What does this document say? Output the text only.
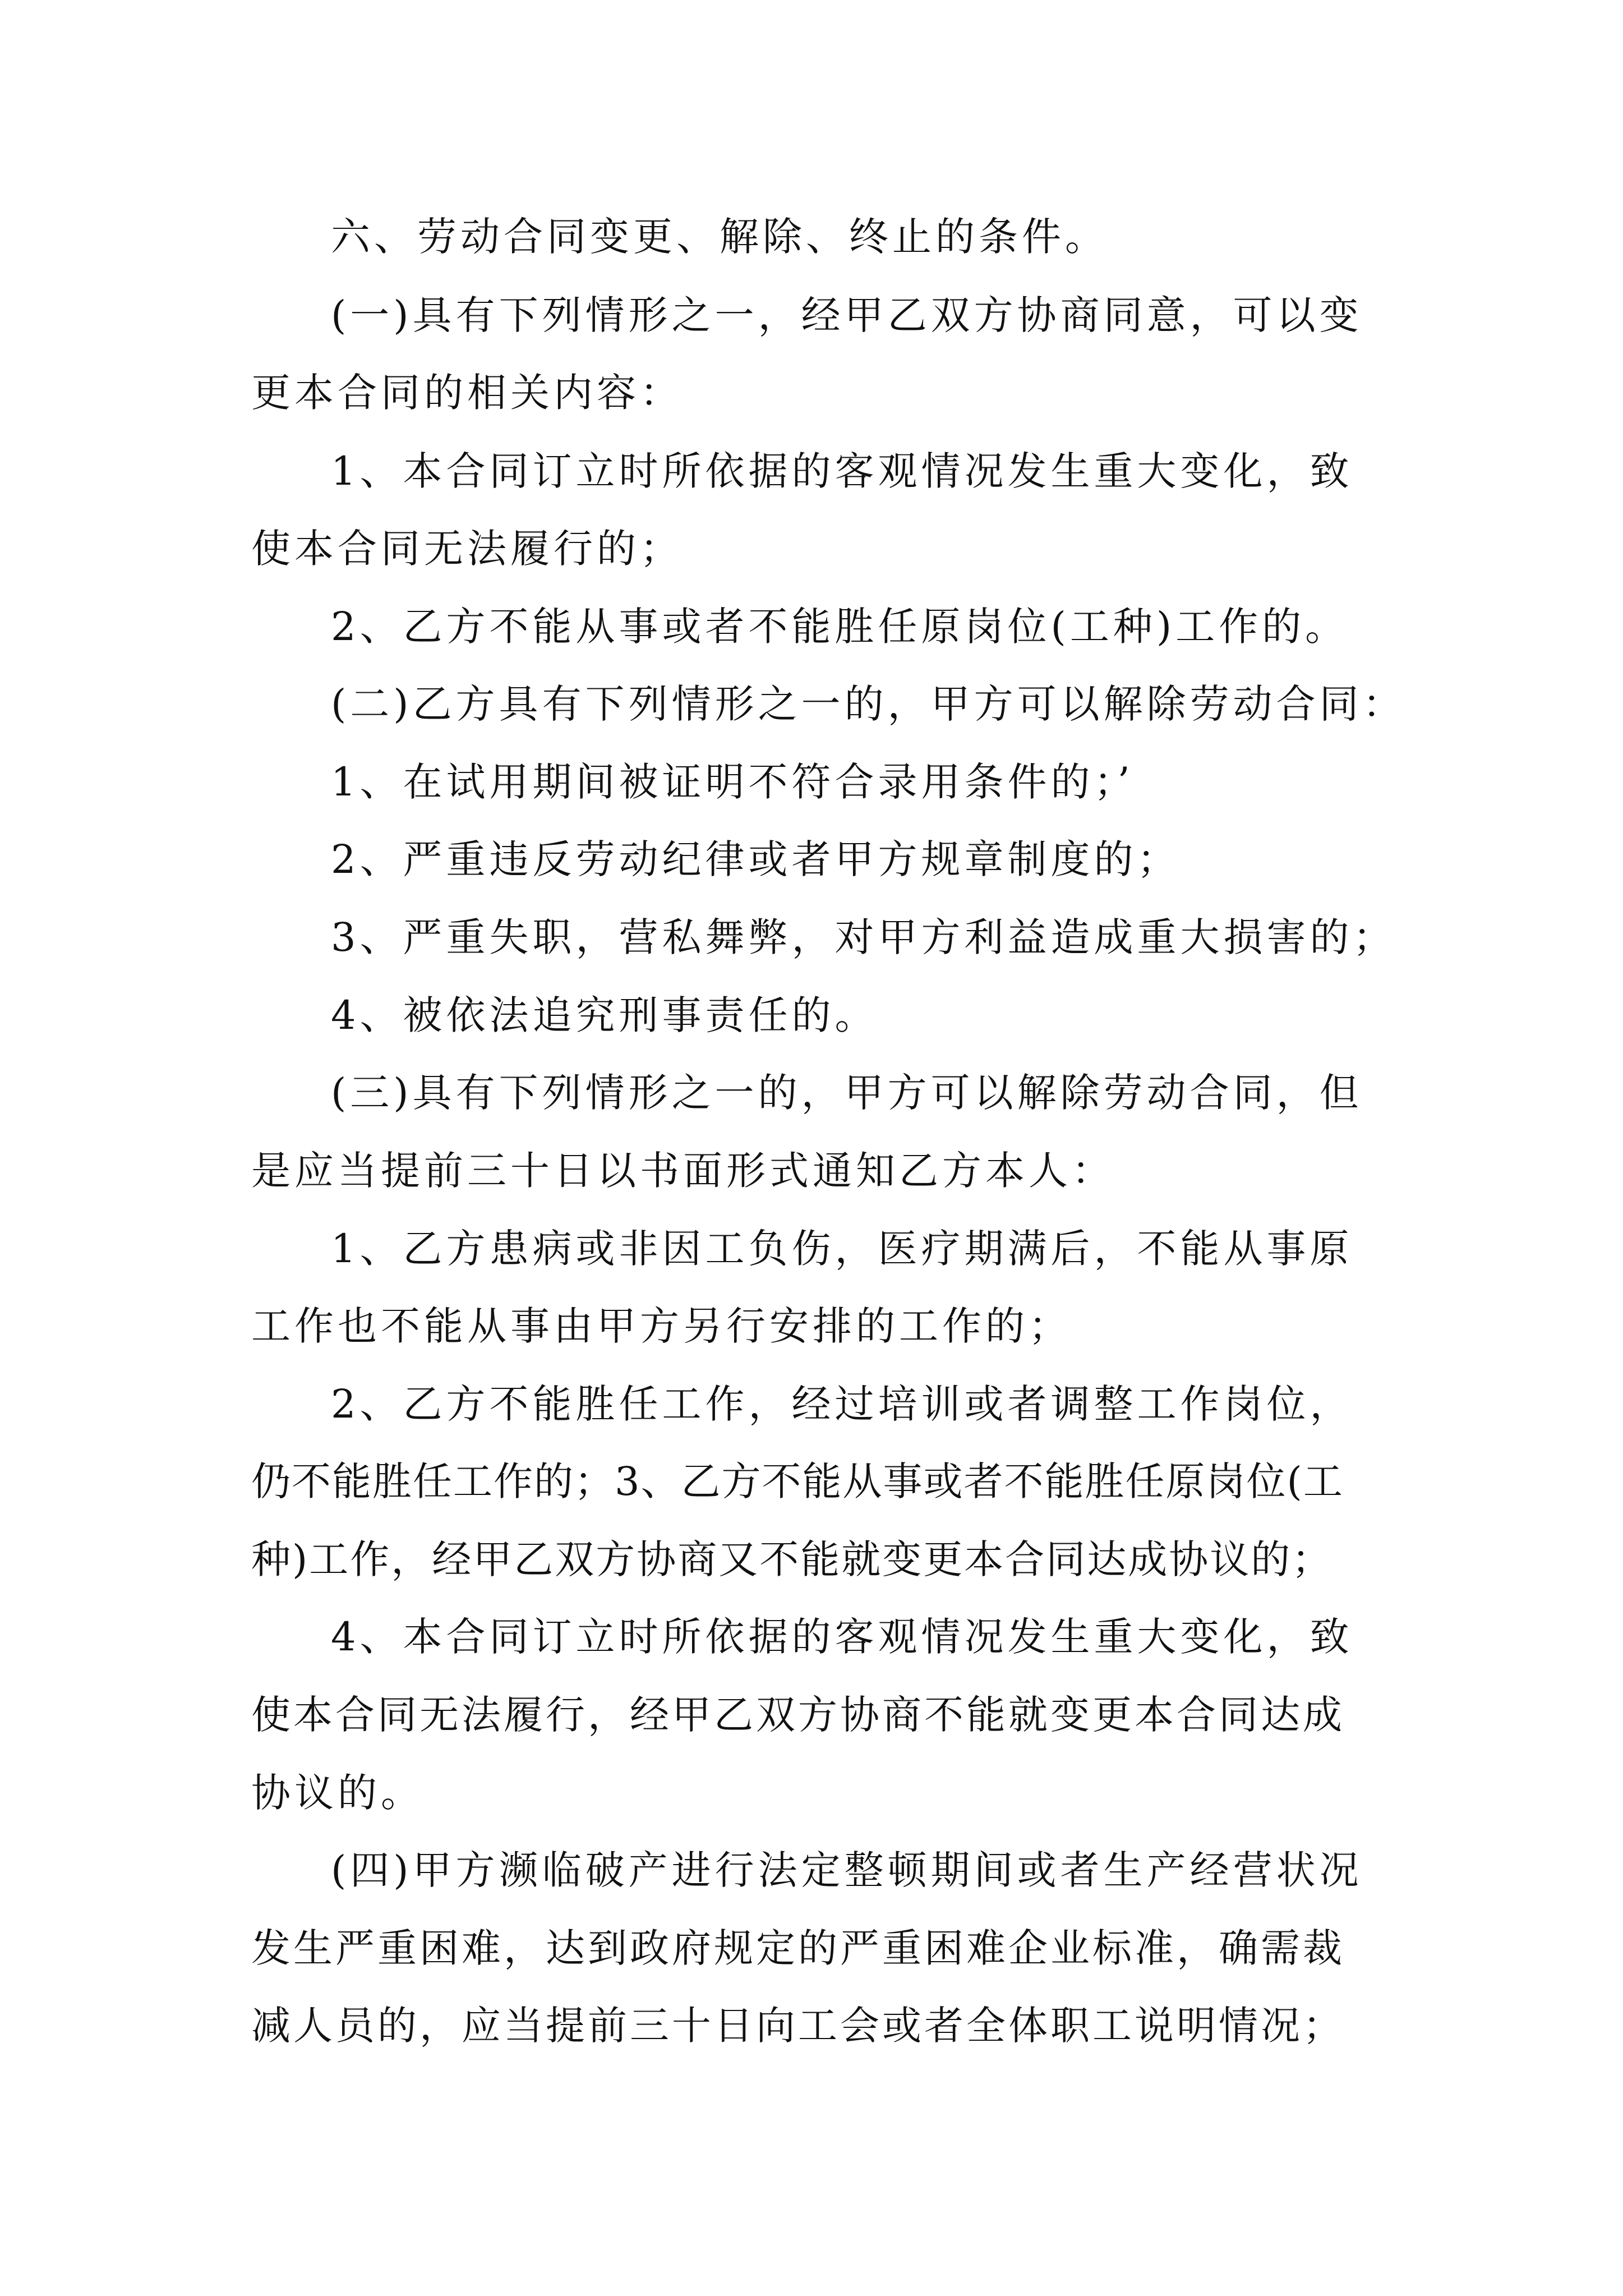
六、劳动合同变更、解除、终止的条件。
(一)具有下列情形之一，经甲乙双方协商同意，可以变
更本合同的相关内容：
1、本合同订立时所依据的客观情况发生重大变化，致
使本合同无法履行的；
2、乙方不能从事或者不能胜任原岗位(工种)工作的。
(二)乙方具有下列情形之一的，甲方可以解除劳动合同：
1、在试用期间被证明不符合录用条件的；’
2、严重违反劳动纪律或者甲方规章制度的；
3、严重失职，营私舞弊，对甲方利益造成重大损害的；
4、被依法追究刑事责任的。
(三)具有下列情形之一的，甲方可以解除劳动合同，但
是应当提前三十日以书面形式通知乙方本人：
1、乙方患病或非因工负伤，医疗期满后，不能从事原
工作也不能从事由甲方另行安排的工作的；
2、乙方不能胜任工作，经过培训或者调整工作岗位，
仍不能胜任工作的；3、乙方不能从事或者不能胜任原岗位(工
种)工作，经甲乙双方协商又不能就变更本合同达成协议的；
4、本合同订立时所依据的客观情况发生重大变化，致
使本合同无法履行，经甲乙双方协商不能就变更本合同达成
协议的。
(四)甲方濒临破产进行法定整顿期间或者生产经营状况
发生严重困难，达到政府规定的严重困难企业标准，确需裁
减人员的，应当提前三十日向工会或者全体职工说明情况；
